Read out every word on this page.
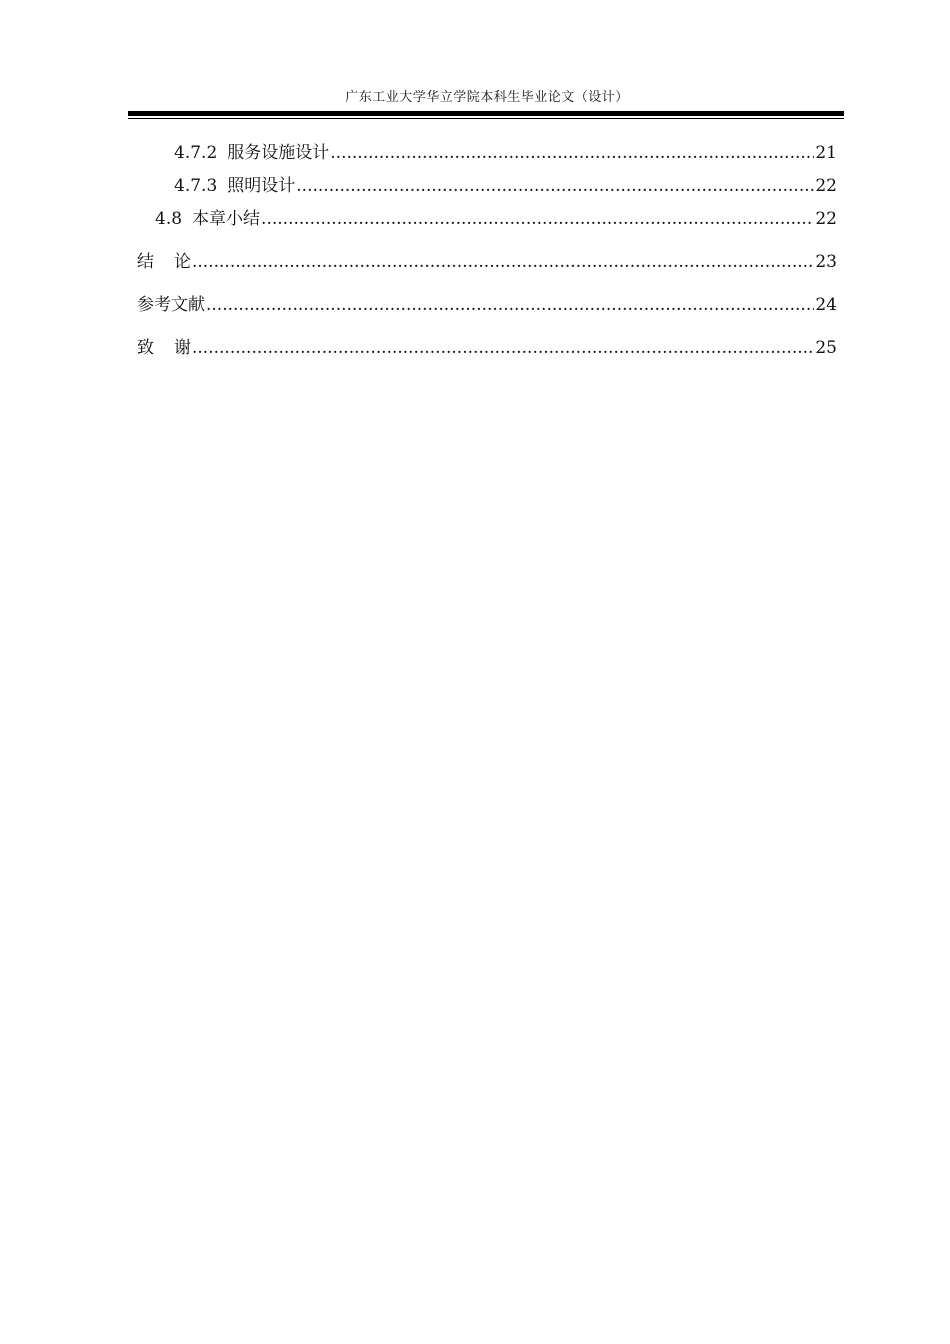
广东工业大学华立学院本科生毕业论文（设计）
4.7.2 服务设施设计 .....	21
4.7.3 照明设计 .....	22
4.8 本章小结 .....	22
结 论 .....	23
参考文献 .....	24
致 谢 .....	25
